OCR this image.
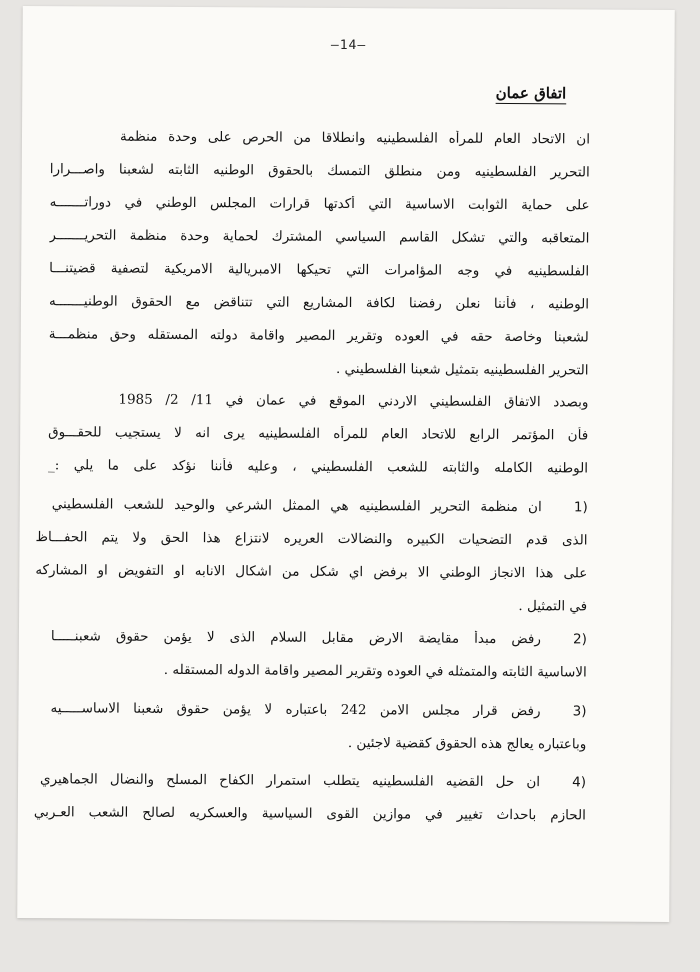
—14—
اتفاق عمان
ان الاتحاد العام للمرأه الفلسطينيه وانطلاقا من الحرص على وحدة منظمة
التحرير الفلسطينيه ومن منطلق التمسك بالحقوق الوطنيه الثابته لشعبنا واصـــرارا
على حماية الثوابت الاساسية التي أكدتها قرارات المجلس الوطني في دوراتـــــــه
المتعاقبه والتي تشكل القاسم السياسي المشترك لحماية وحدة منظمة التحريـــــــر
الفلسطينيه في وجه المؤامرات التي تحيكها الامبريالية الامريكية لتصفية قضيتنـــا
الوطنيه ، فأننا نعلن رفضنا لكافة المشاريع التي تتناقض مع الحقوق الوطنيـــــــه
لشعبنا وخاصة حقه في العوده وتقرير المصير واقامة دولته المستقله وحق منظمـــة
التحرير الفلسطينيه بتمثيل شعبنا الفلسطيني .
وبصدد الاتفاق الفلسطيني الاردني الموقع في عمان في 11/ 2/ 1985
فأن المؤتمر الرابع للاتحاد العام للمرأه الفلسطينيه يرى انه لا يستجيب للحقـــوق
الوطنيه الكامله والثابته للشعب الفلسطيني ، وعليه فأننا نؤكد على ما يلي :_
1)
ان منظمة التحرير الفلسطينيه هي الممثل الشرعي والوحيد للشعب الفلسطيني
الذى قدم التضحيات الكبيره والنضالات العريره لانتزاع هذا الحق ولا يتم الحفـــاظ
على هذا الانجاز الوطني الا برفض اي شكل من اشكال الانابه او التفويض او المشاركه
في التمثيل .
2)
رفض مبدأ مقايضة الارض مقابل السلام الذى لا يؤمن حقوق شعبنـــــا
الاساسية الثابته والمتمثله في العوده وتقرير المصير واقامة الدوله المستقله .
3)
رفض قرار مجلس الامن 242 باعتباره لا يؤمن حقوق شعبنا الاساســـــيه
وباعتباره يعالج هذه الحقوق كقضية لاجئين .
4)
ان حل القضيه الفلسطينيه يتطلب استمرار الكفاح المسلح والنضال الجماهيري
الحازم باحداث تغيير في موازين القوى السياسية والعسكريه لصالح الشعب العـربي
